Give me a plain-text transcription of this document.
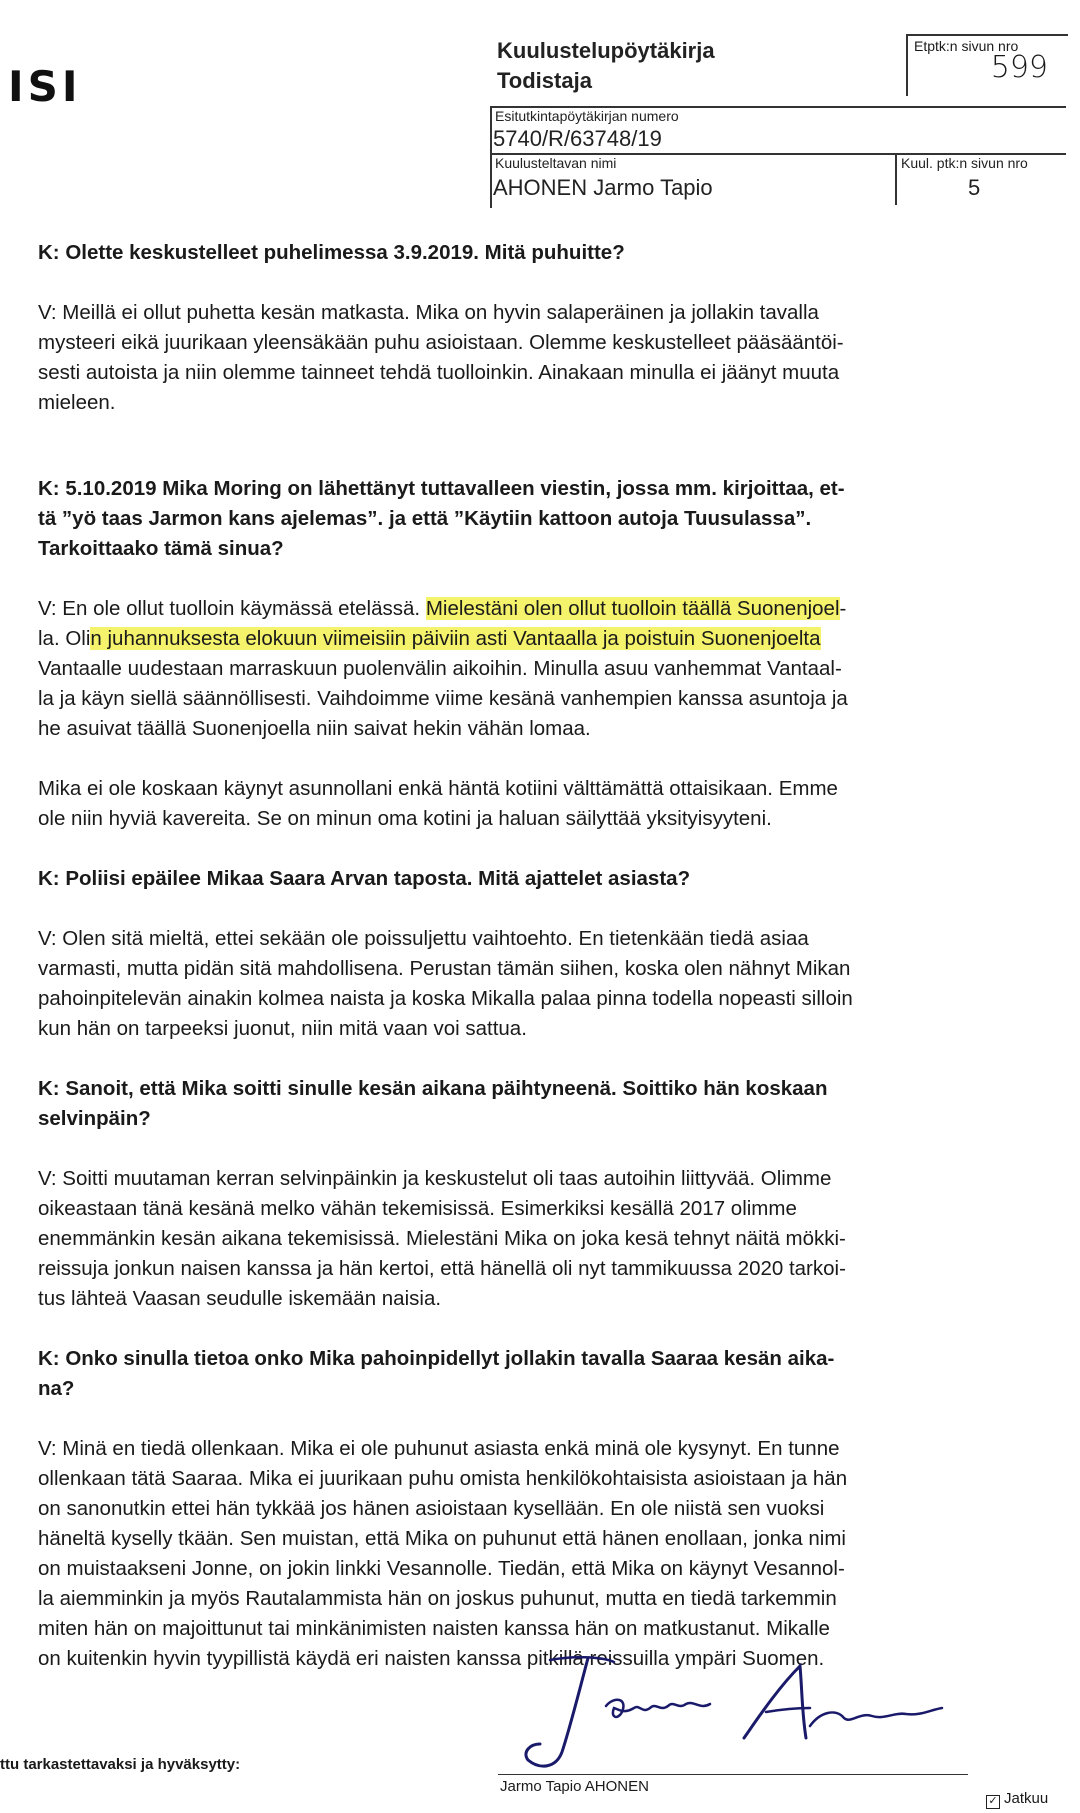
ISI
Kuulustelupöytäkirja
Todistaja
Etptk:n sivun nro
599
Esitutkintapöytäkirjan numero
5740/R/63748/19
Kuulusteltavan nimi
AHONEN Jarmo Tapio
Kuul. ptk:n sivun nro
5

K: Olette keskustelleet puhelimessa 3.9.2019. Mitä puhuitte?

V: Meillä ei ollut puhetta kesän matkasta. Mika on hyvin salaperäinen ja jollakin tavalla

mysteeri eikä juurikaan yleensäkään puhu asioistaan. Olemme keskustelleet pääsääntöi-

sesti autoista ja niin olemme tainneet tehdä tuolloinkin. Ainakaan minulla ei jäänyt muuta

mieleen.

K: 5.10.2019 Mika Moring on lähettänyt tuttavalleen viestin, jossa mm. kirjoittaa, et-

tä ”yö taas Jarmon kans ajelemas”. ja että ”Käytiin kattoon autoja Tuusulassa”.

Tarkoittaako tämä sinua?

V: En ole ollut tuolloin käymässä etelässä. Mielestäni olen ollut tuolloin täällä Suonenjoel-

la. Olin juhannuksesta elokuun viimeisiin päiviin asti Vantaalla ja poistuin Suonenjoelta

Vantaalle uudestaan marraskuun puolenvälin aikoihin. Minulla asuu vanhemmat Vantaal-

la ja käyn siellä säännöllisesti. Vaihdoimme viime kesänä vanhempien kanssa asuntoja ja

he asuivat täällä Suonenjoella niin saivat hekin vähän lomaa.

Mika ei ole koskaan käynyt asunnollani enkä häntä kotiini välttämättä ottaisikaan. Emme

ole niin hyviä kavereita. Se on minun oma kotini ja haluan säilyttää yksityisyyteni.

K: Poliisi epäilee Mikaa Saara Arvan taposta. Mitä ajattelet asiasta?

V: Olen sitä mieltä, ettei sekään ole poissuljettu vaihtoehto. En tietenkään tiedä asiaa

varmasti, mutta pidän sitä mahdollisena. Perustan tämän siihen, koska olen nähnyt Mikan

pahoinpitelevän ainakin kolmea naista ja koska Mikalla palaa pinna todella nopeasti silloin

kun hän on tarpeeksi juonut, niin mitä vaan voi sattua.

K: Sanoit, että Mika soitti sinulle kesän aikana päihtyneenä. Soittiko hän koskaan

selvinpäin?

V: Soitti muutaman kerran selvinpäinkin ja keskustelut oli taas autoihin liittyvää. Olimme

oikeastaan tänä kesänä melko vähän tekemisissä. Esimerkiksi kesällä 2017 olimme

enemmänkin kesän aikana tekemisissä. Mielestäni Mika on joka kesä tehnyt näitä mökki-

reissuja jonkun naisen kanssa ja hän kertoi, että hänellä oli nyt tammikuussa 2020 tarkoi-

tus lähteä Vaasan seudulle iskemään naisia.

K: Onko sinulla tietoa onko Mika pahoinpidellyt jollakin tavalla Saaraa kesän aika-

na?

V: Minä en tiedä ollenkaan. Mika ei ole puhunut asiasta enkä minä ole kysynyt. En tunne

ollenkaan tätä Saaraa. Mika ei juurikaan puhu omista henkilökohtaisista asioistaan ja hän

on sanonutkin ettei hän tykkää jos hänen asioistaan kysellään. En ole niistä sen vuoksi

häneltä kyselly tkään. Sen muistan, että Mika on puhunut että hänen enollaan, jonka nimi

on muistaakseni Jonne, on jokin linkki Vesannolle. Tiedän, että Mika on käynyt Vesannol-

la aiemminkin ja myös Rautalammista hän on joskus puhunut, mutta en tiedä tarkemmin

miten hän on majoittunut tai minkänimisten naisten kanssa hän on matkustanut. Mikalle

on kuitenkin hyvin tyypillistä käydä eri naisten kanssa pitkillä reissuilla ympäri Suomen.

ttu tarkastettavaksi ja hyväksytty:
Jarmo Tapio AHONEN
✓ Jatkuu
